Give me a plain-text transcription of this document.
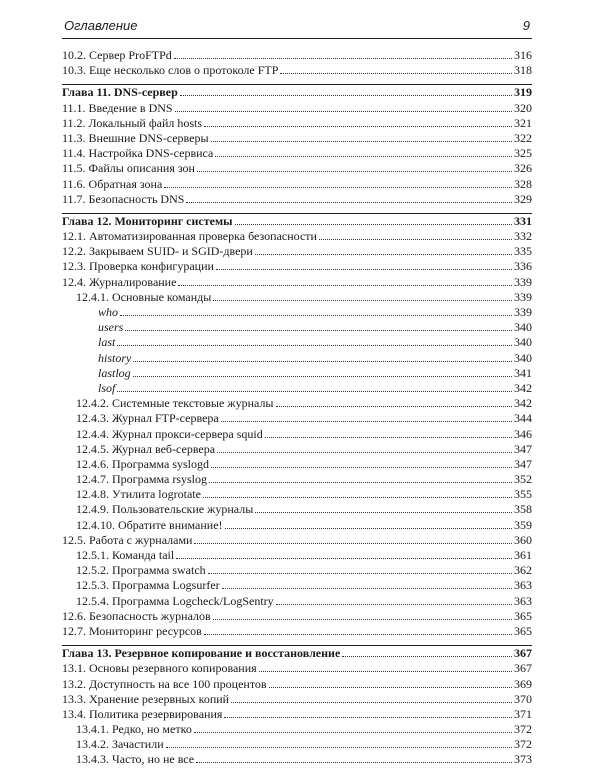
Оглавление	9
10.2. Сервер ProFTPd	316
10.3. Еще несколько слов о протоколе FTP	318
Глава 11. DNS-сервер	319
11.1. Введение в DNS	320
11.2. Локальный файл hosts	321
11.3. Внешние DNS-серверы	322
11.4. Настройка DNS-сервиса	325
11.5. Файлы описания зон	326
11.6. Обратная зона	328
11.7. Безопасность DNS	329
Глава 12. Мониторинг системы	331
12.1. Автоматизированная проверка безопасности	332
12.2. Закрываем SUID- и SGID-двери	335
12.3. Проверка конфигурации	336
12.4. Журналирование	339
12.4.1. Основные команды	339
who	339
users	340
last	340
history	340
lastlog	341
lsof	342
12.4.2. Системные текстовые журналы	342
12.4.3. Журнал FTP-сервера	344
12.4.4. Журнал прокси-сервера squid	346
12.4.5. Журнал веб-сервера	347
12.4.6. Программа syslogd	347
12.4.7. Программа rsyslog	352
12.4.8. Утилита logrotate	355
12.4.9. Пользовательские журналы	358
12.4.10. Обратите внимание!	359
12.5. Работа с журналами	360
12.5.1. Команда tail	361
12.5.2. Программа swatch	362
12.5.3. Программа Logsurfer	363
12.5.4. Программа Logcheck/LogSentry	363
12.6. Безопасность журналов	365
12.7. Мониторинг ресурсов	365
Глава 13. Резервное копирование и восстановление	367
13.1. Основы резервного копирования	367
13.2. Доступность на все 100 процентов	369
13.3. Хранение резервных копий	370
13.4. Политика резервирования	371
13.4.1. Редко, но метко	372
13.4.2. Зачастили	372
13.4.3. Часто, но не все	373
